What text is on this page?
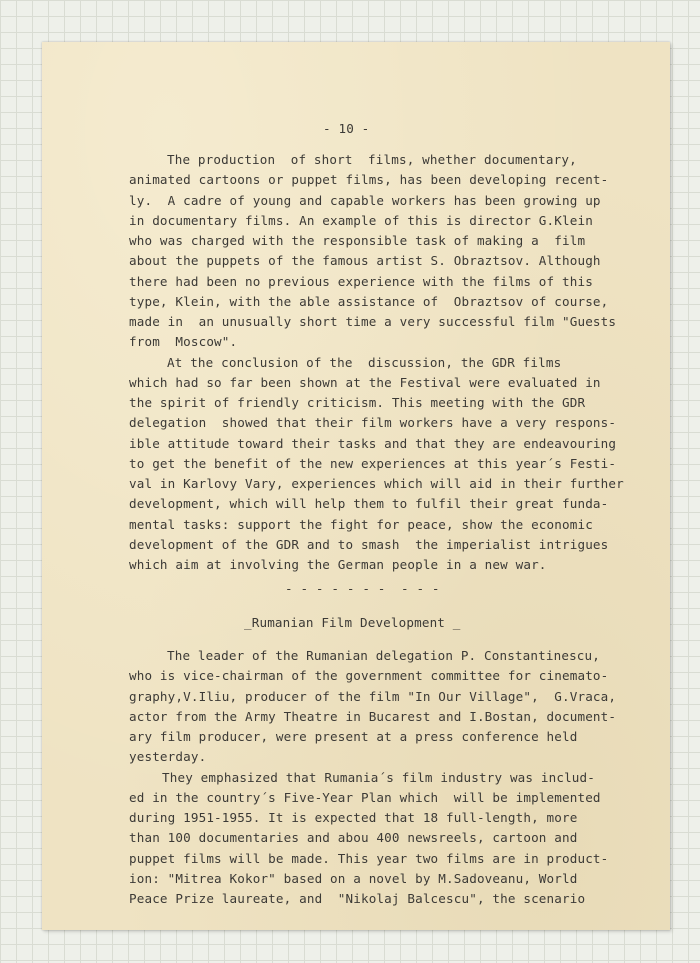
- 10 -
The production  of short  films, whether documentary,
animated cartoons or puppet films, has been developing recent-
ly.  A cadre of young and capable workers has been growing up
in documentary films. An example of this is director G.Klein
who was charged with the responsible task of making a  film
about the puppets of the famous artist S. Obraztsov. Although
there had been no previous experience with the films of this
type, Klein, with the able assistance of  Obraztsov of course,
made in  an unusually short time a very successful film "Guests
from  Moscow".
At the conclusion of the  discussion, the GDR films
which had so far been shown at the Festival were evaluated in
the spirit of friendly criticism. This meeting with the GDR
delegation  showed that their film workers have a very respons-
ible attitude toward their tasks and that they are endeavouring
to get the benefit of the new experiences at this year´s Festi-
val in Karlovy Vary, experiences which will aid in their further
development, which will help them to fulfil their great funda-
mental tasks: support the fight for peace, show the economic
development of the GDR and to smash  the imperialist intrigues
which aim at involving the German people in a new war.
- - - - - - -  - - -
_Rumanian Film Development _
The leader of the Rumanian delegation P. Constantinescu,
who is vice-chairman of the government committee for cinemato-
graphy,V.Iliu, producer of the film "In Our Village",  G.Vraca,
actor from the Army Theatre in Bucarest and I.Bostan, document-
ary film producer, were present at a press conference held
yesterday.
They emphasized that Rumania´s film industry was includ-
ed in the country´s Five-Year Plan which  will be implemented
during 1951-1955. It is expected that 18 full-length, more
than 100 documentaries and abou 400 newsreels, cartoon and
puppet films will be made. This year two films are in product-
ion: "Mitrea Kokor" based on a novel by M.Sadoveanu, World
Peace Prize laureate, and  "Nikolaj Balcescu", the scenario
